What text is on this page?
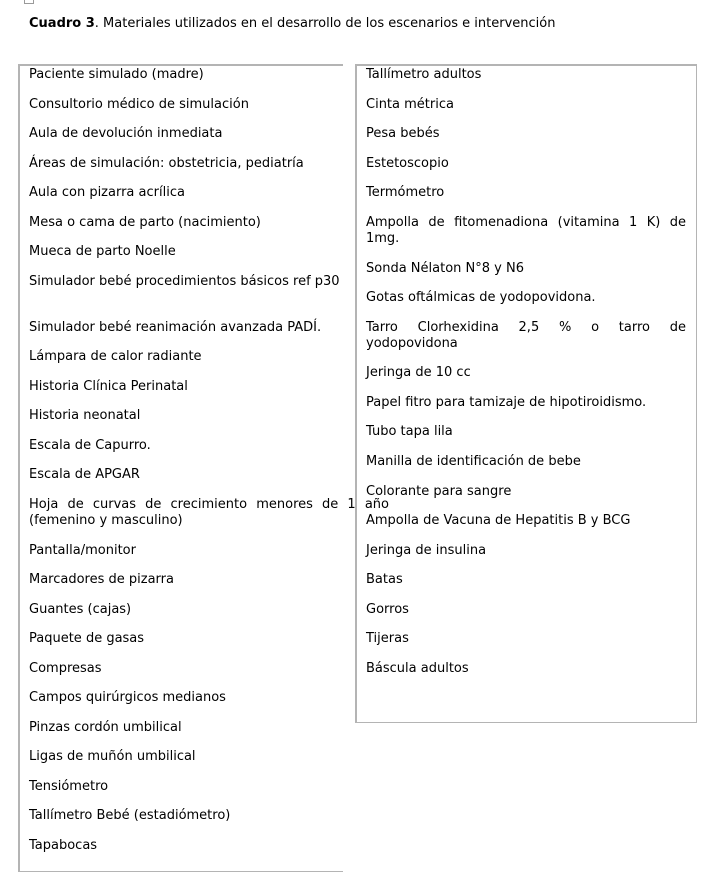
Cuadro 3. Materiales utilizados en el desarrollo de los escenarios e intervención
Paciente simulado (madre)
Consultorio médico de simulación
Aula de devolución inmediata
Áreas de simulación: obstetricia, pediatría
Aula con pizarra acrílica
Mesa o cama de parto (nacimiento)
Mueca de parto Noelle
Simulador bebé procedimientos básicos ref p30
Simulador bebé reanimación avanzada PADÍ.
Lámpara de calor radiante
Historia Clínica Perinatal
Historia neonatal
Escala de Capurro.
Escala de APGAR
Hoja de curvas de crecimiento menores de 1 año (femenino y masculino)
Pantalla/monitor
Marcadores de pizarra
Guantes (cajas)
Paquete de gasas
Compresas
Campos quirúrgicos medianos
Pinzas cordón umbilical
Ligas de muñón umbilical
Tensiómetro
Tallímetro Bebé (estadiómetro)
Tapabocas
Tallímetro adultos
Cinta métrica
Pesa bebés
Estetoscopio
Termómetro
Ampolla de fitomenadiona (vitamina 1 K) de 1mg.
Sonda Nélaton N°8 y N6
Gotas oftálmicas de yodopovidona.
Tarro Clorhexidina 2,5 % o tarro de yodopovidona
Jeringa de 10 cc
Papel fitro para tamizaje de hipotiroidismo.
Tubo tapa lila
Manilla de identificación de bebe
Colorante para sangre
Ampolla de Vacuna de Hepatitis B y BCG
Jeringa de insulina
Batas
Gorros
Tijeras
Báscula adultos
